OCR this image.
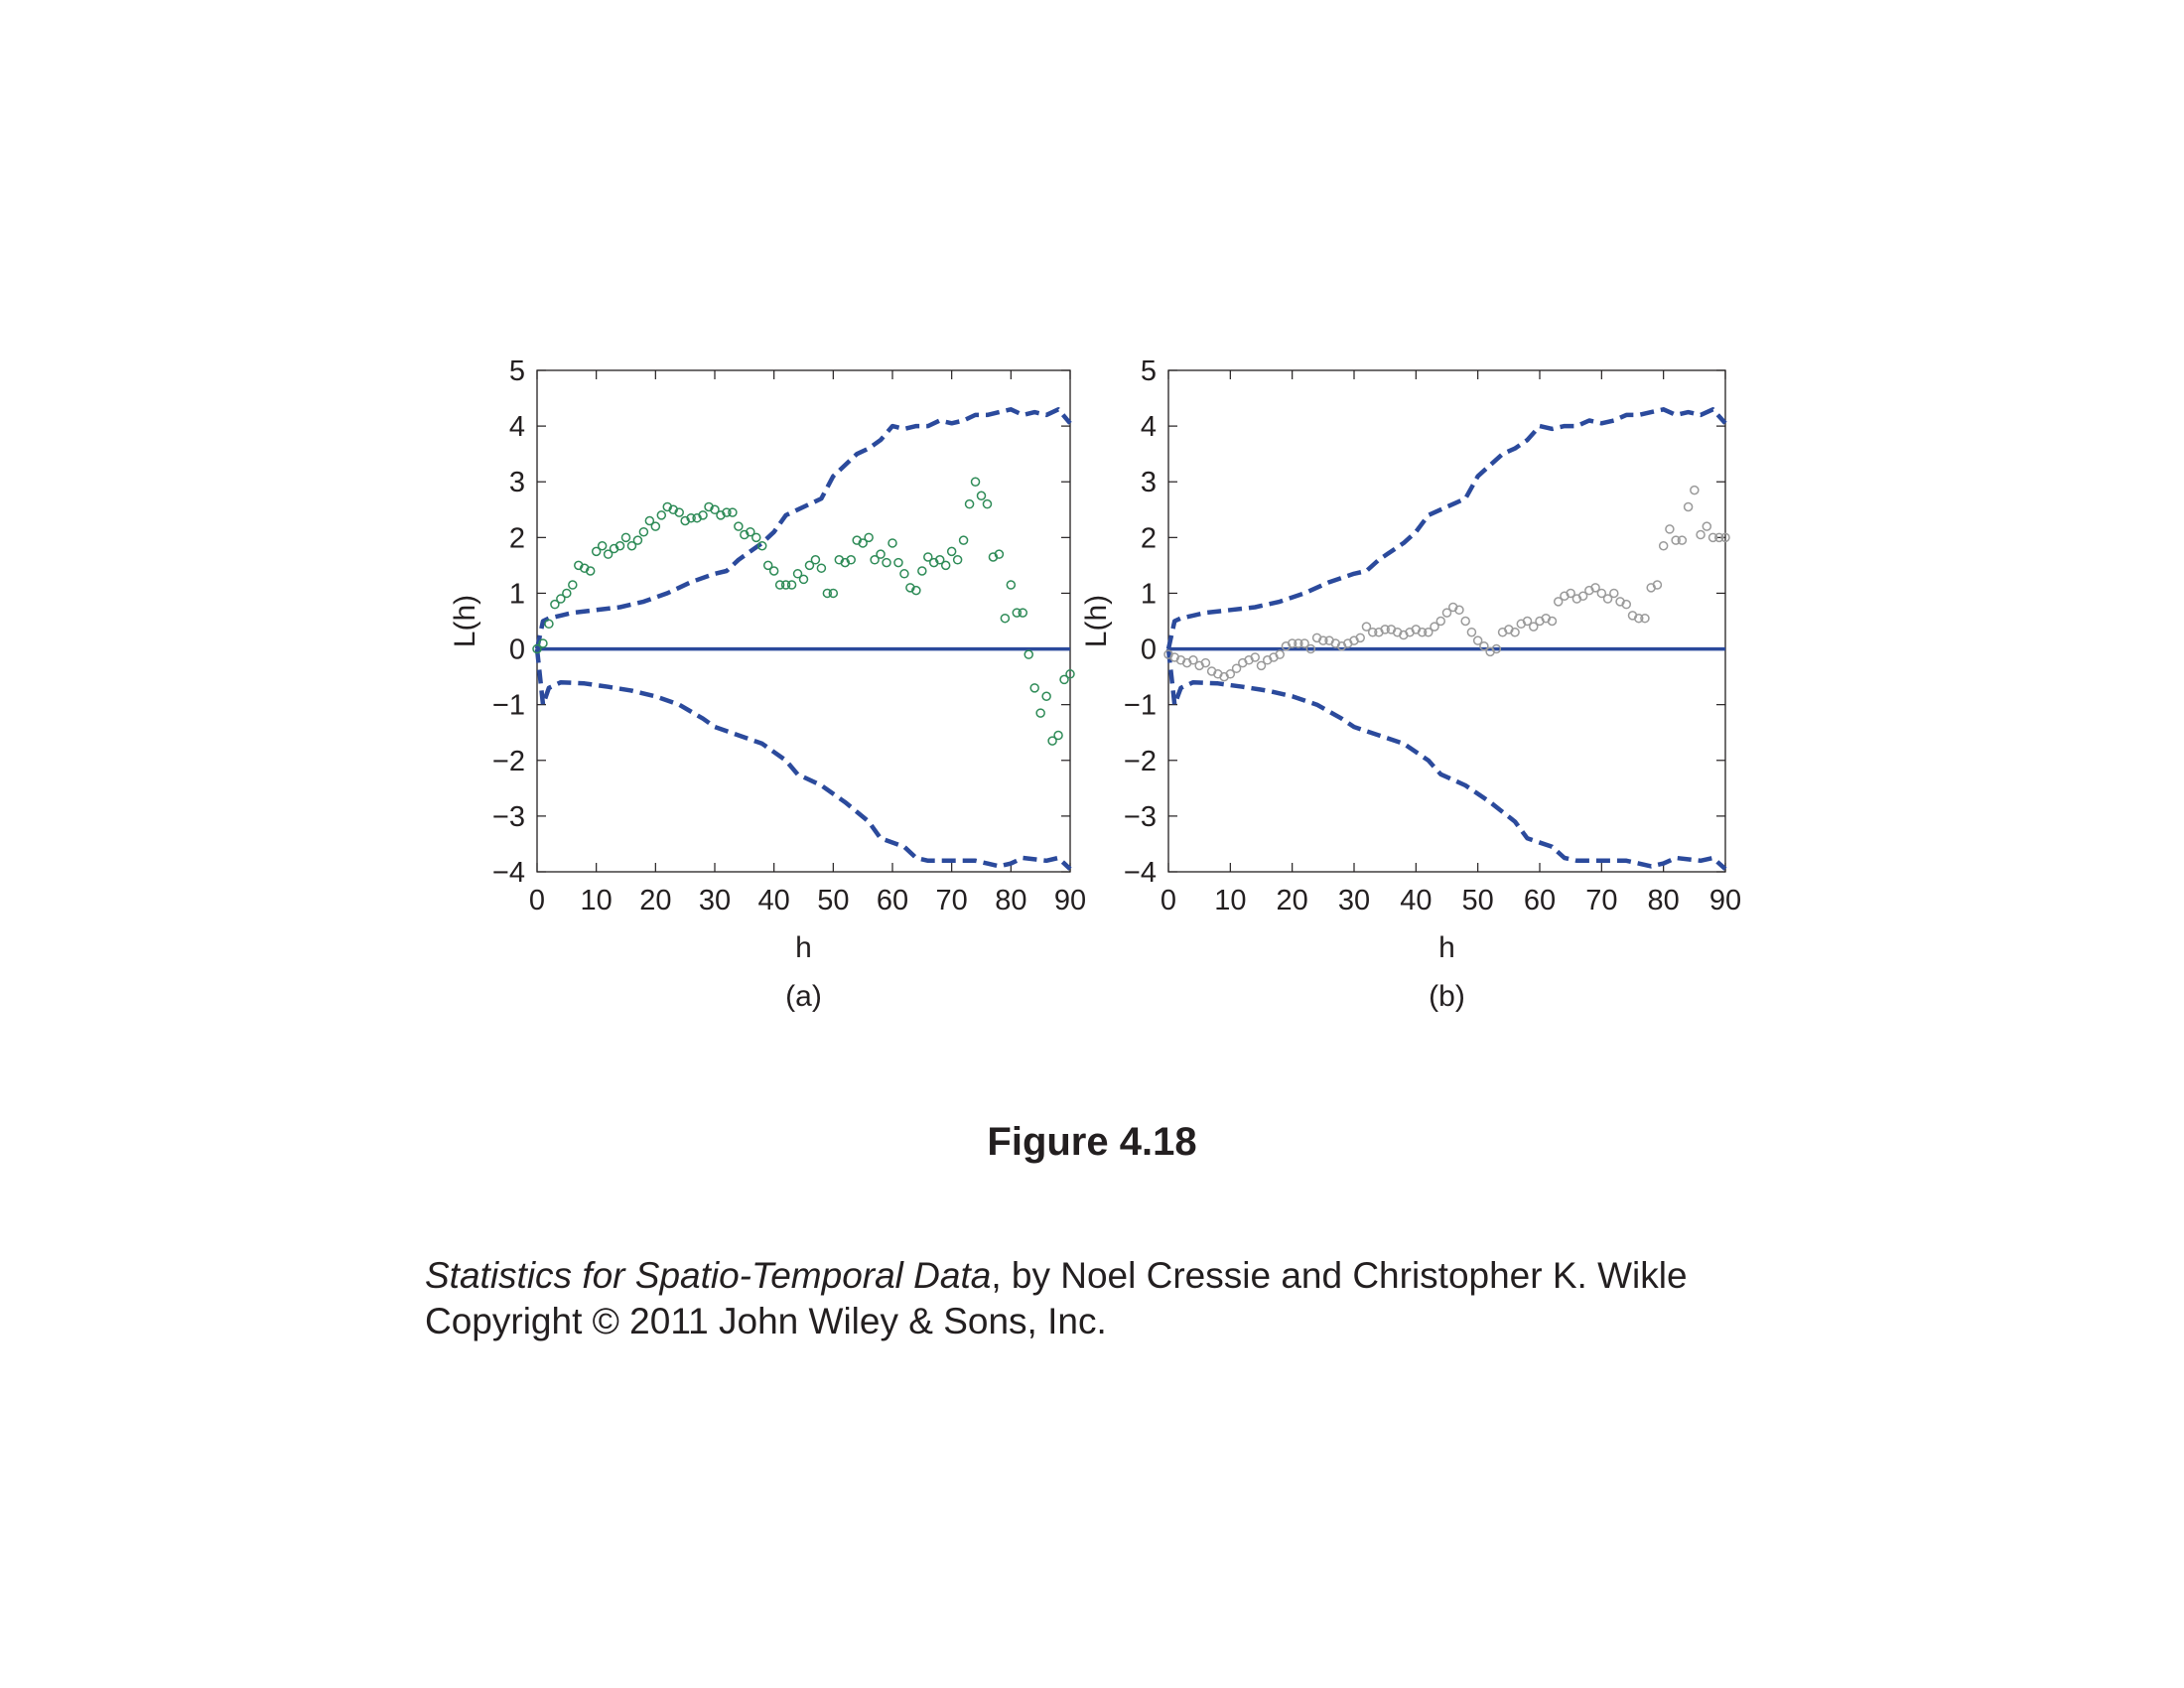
0 10 20 30 40 50 60 70 80 90
5
4
3
2
1
0
−1
−2
−3
−4
h
L(h)
(a)
0 10 20 30 40 50 60 70 80 90
5
4
3
2
1
0
−1
−2
−3
−4
h
L(h)
(b)
Figure 4.18
Statistics for Spatio-Temporal Data, by Noel Cressie and Christopher K. Wikle
Copyright © 2011 John Wiley & Sons, Inc.
